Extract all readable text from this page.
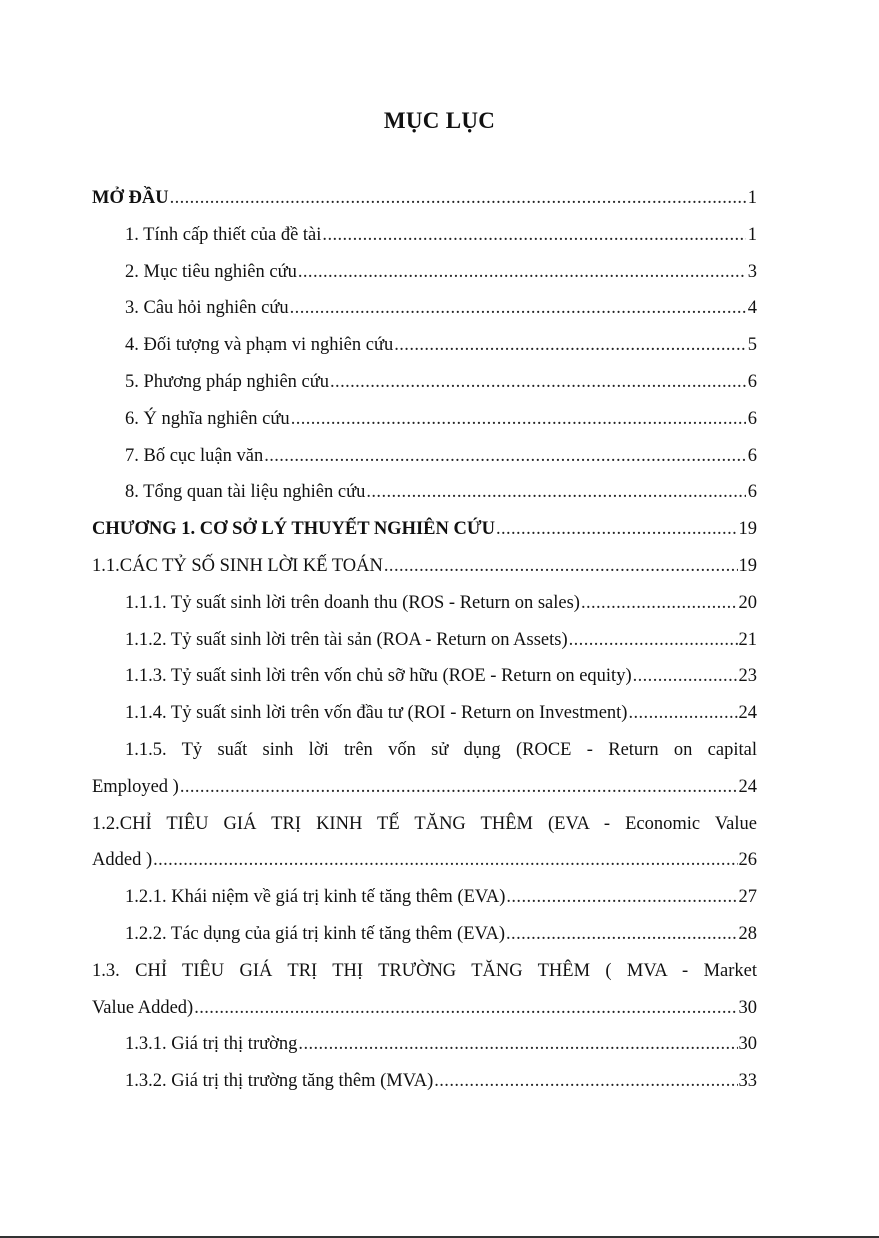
MỤC LỤC
MỞ ĐẦU .....	1
1. Tính cấp thiết của đề tài .....	1
2. Mục tiêu nghiên cứu .....	3
3. Câu hỏi nghiên cứu .....	4
4. Đối tượng và phạm vi nghiên cứu .....	5
5. Phương pháp nghiên cứu .....	6
6. Ý nghĩa nghiên cứu .....	6
7. Bố cục luận văn .....	6
8. Tổng quan tài liệu nghiên cứu .....	6
CHƯƠNG 1. CƠ SỞ LÝ THUYẾT NGHIÊN CỨU .....	19
1.1.CÁC TỶ SỐ SINH LỜI KẾ TOÁN .....	19
1.1.1. Tỷ suất sinh lời trên doanh thu (ROS - Return on sales) .....	20
1.1.2. Tỷ suất sinh lời trên tài sản (ROA - Return on Assets) .....	21
1.1.3. Tỷ suất sinh lời trên vốn chủ sỡ hữu (ROE - Return on equity) .....	23
1.1.4. Tỷ suất sinh lời trên vốn đầu tư (ROI - Return on Investment) .....	24
1.1.5. Tỷ suất sinh lời trên vốn sử dụng (ROCE - Return on capital
Employed ) .....	24
1.2.CHỈ TIÊU GIÁ TRỊ KINH TẾ TĂNG THÊM (EVA - Economic Value
Added ) .....	26
1.2.1. Khái niệm về giá trị kinh tế tăng thêm (EVA) .....	27
1.2.2. Tác dụng của giá trị kinh tế tăng thêm (EVA) .....	28
1.3. CHỈ TIÊU GIÁ TRỊ THỊ TRƯỜNG TĂNG THÊM ( MVA - Market
Value Added) .....	30
1.3.1. Giá trị thị trường .....	30
1.3.2. Giá trị thị trường tăng thêm (MVA) .....	33
